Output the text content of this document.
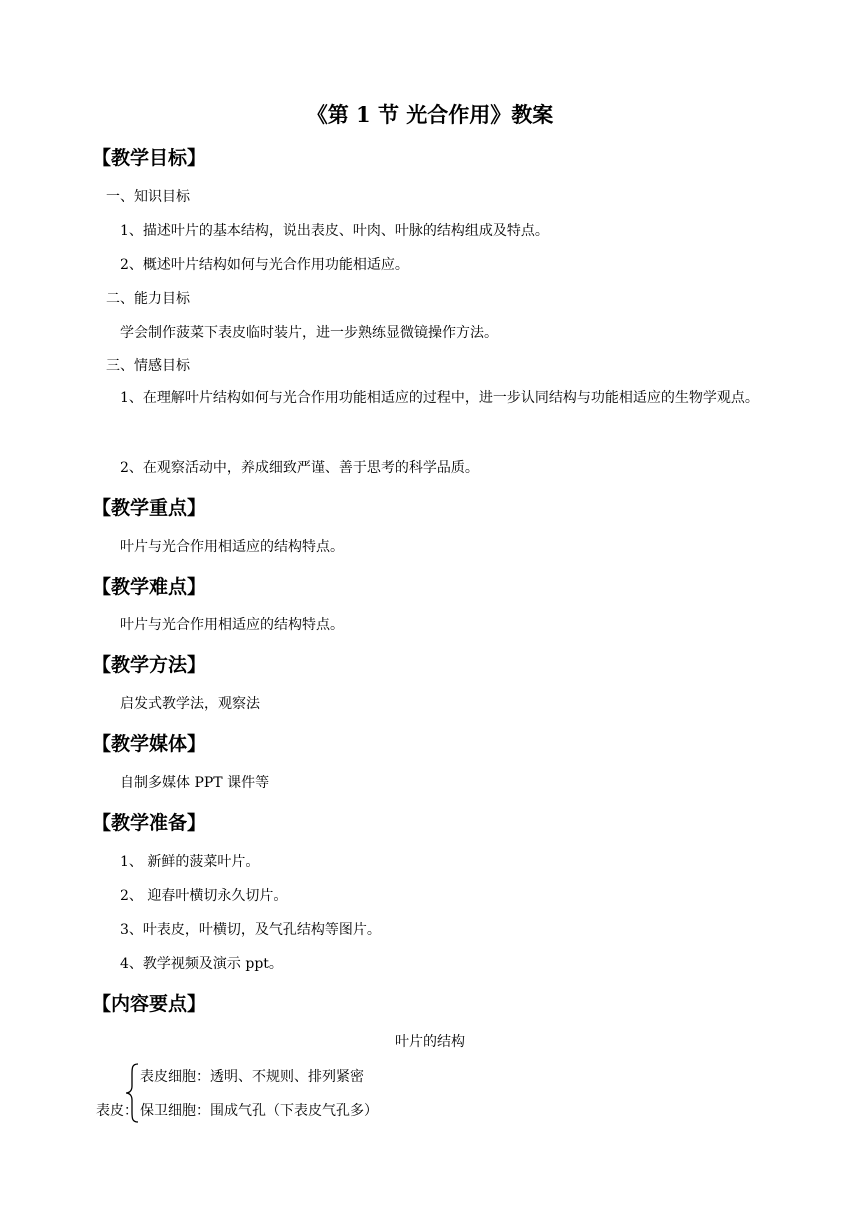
《第 1 节 光合作用》教案
【教学目标】
一、知识目标
1、描述叶片的基本结构，说出表皮、叶肉、叶脉的结构组成及特点。
2、概述叶片结构如何与光合作用功能相适应。
二、能力目标
学会制作菠菜下表皮临时装片，进一步熟练显微镜操作方法。
三、情感目标
1、在理解叶片结构如何与光合作用功能相适应的过程中，进一步认同结构与功能相适应的生物学观点。
2、在观察活动中，养成细致严谨、善于思考的科学品质。
【教学重点】
叶片与光合作用相适应的结构特点。
【教学难点】
叶片与光合作用相适应的结构特点。
【教学方法】
启发式教学法，观察法
【教学媒体】
自制多媒体 PPT 课件等
【教学准备】
1、 新鲜的菠菜叶片。
2、 迎春叶横切永久切片。
3、叶表皮，叶横切，及气孔结构等图片。
4、教学视频及演示 ppt。
【内容要点】
叶片的结构
表皮：
表皮细胞：透明、不规则、排列紧密
保卫细胞：围成气孔（下表皮气孔多）
